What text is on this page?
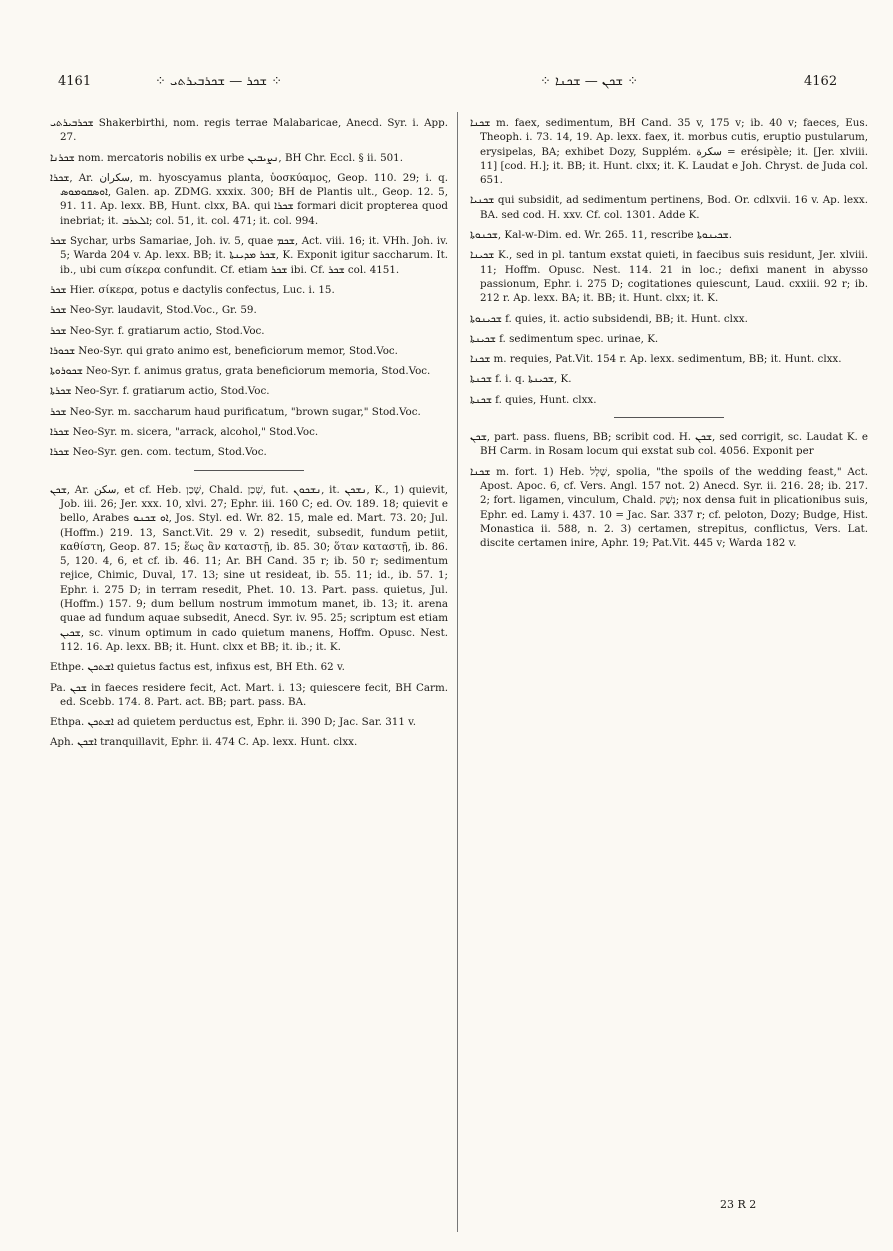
4161	⁘ ܫܟܪ — ܫܟܪܒܝܪܬܝ ⁘	⁘ ܫܟܢ — ܫܟܢܐ ⁘	4162

ܫܟܪܒܝܪܬܝ Shakerbirthi, nom. regis terrae Malabaricae, Anecd. Syr. i. App. 27.

ܫܟܪܢܐ nom. mercatoris nobilis ex urbe ܢܨܝܒܝܢ, BH Chr. Eccl. § ii. 501.

ܫܟܪܐ, Ar. سكران, m. hyoscyamus planta, ὑοσκύαμος, Geop. 110. 29; i. q. ܐܘܣܩܘܡܘܣ, Galen. ap. ZDMG. xxxix. 300; BH de Plantis ult., Geop. 12. 5, 91. 11. Ap. lexx. BB, Hunt. clxx, BA. qui ܫܟܪܐ formari dicit propterea quod inebriat; it. ܐܠܥܪܒ; col. 51, it. col. 471; it. col. 994.

ܫܟܪ Sychar, urbs Samariae, Joh. iv. 5, quae ܫܟܡ, Act. viii. 16; it. VHh. Joh. iv. 5; Warda 204 v. Ap. lexx. BB; it. ܫܟܪ ܡܕܝܢܬܐ, K. Exponit igitur saccharum. It. ib., ubi cum σίκερα confundit. Cf. etiam ܫܟܪ ibi. Cf. ܫܟܪ col. 4151.

ܫܟܪ Hier. σίκερα, potus e dactylis confectus, Luc. i. 15.

ܫܟܪ Neo-Syr. laudavit, Stod.Voc., Gr. 59.

ܫܟܪ Neo-Syr. f. gratiarum actio, Stod.Voc.

ܫܟܘܪܐ Neo-Syr. qui grato animo est, beneficiorum memor, Stod.Voc.

ܫܟܘܪܘܬܐ Neo-Syr. f. animus gratus, grata beneficiorum memoria, Stod.Voc.

ܫܟܪܬܐ Neo-Syr. f. gratiarum actio, Stod.Voc.

ܫܟܪ Neo-Syr. m. saccharum haud purificatum, "brown sugar," Stod.Voc.

ܫܟܪܐ Neo-Syr. m. sicera, "arrack, alcohol," Stod.Voc.

ܫܟܪܐ Neo-Syr. gen. com. tectum, Stod.Voc.

ܫܟܢ, Ar. سكن, et cf. Heb. שָׁכַן, Chald. שְׁכַן, fut. ܢܫܟܘܢ, it. ܢܫܟܢ, K., 1) quievit, Job. iii. 26; Jer. xxx. 10, xlvi. 27; Ephr. iii. 160 C; ed. Ov. 189. 18; quievit e bello, Arabes ܐܘ ܫܟܢܘ, Jos. Styl. ed. Wr. 82. 15, male ed. Mart. 73. 20; Jul. (Hoffm.) 219. 13, Sanct.Vit. 29 v. 2) resedit, subsedit, fundum petiit, καθίστη, Geop. 87. 15; ἕως ἂν καταστῇ, ib. 85. 30; ὅταν καταστῇ, ib. 86. 5, 120. 4, 6, et cf. ib. 46. 11; Ar. BH Cand. 35 r; ib. 50 r; sedimentum rejice, Chimic, Duval, 17. 13; sine ut resideat, ib. 55. 11; id., ib. 57. 1; Ephr. i. 275 D; in terram resedit, Phet. 10. 13. Part. pass. quietus, Jul. (Hoffm.) 157. 9; dum bellum nostrum immotum manet, ib. 13; it. arena quae ad fundum aquae subsedit, Anecd. Syr. iv. 95. 25; scriptum est etiam ܫܟܝܢ, sc. vinum optimum in cado quietum manens, Hoffm. Opusc. Nest. 112. 16. Ap. lexx. BB; it. Hunt. clxx et BB; it. ib.; it. K.

Ethpe. ܐܫܬܟܢ quietus factus est, infixus est, BH Eth. 62 v.

Pa. ܫܟܢ in faeces residere fecit, Act. Mart. i. 13; quiescere fecit, BH Carm. ed. Scebb. 174. 8. Part. act. BB; part. pass. BA.

Ethpa. ܐܫܬܟܢ ad quietem perductus est, Ephr. ii. 390 D; Jac. Sar. 311 v.

Aph. ܐܫܟܢ tranquillavit, Ephr. ii. 474 C. Ap. lexx. Hunt. clxx.

ܫܟܢܐ m. faex, sedimentum, BH Cand. 35 v, 175 v; ib. 40 v; faeces, Eus. Theoph. i. 73. 14, 19. Ap. lexx. faex, it. morbus cutis, eruptio pustularum, erysipelas, BA; exhibet Dozy, Supplém. سكرة = erésipèle; it. [Jer. xlviii. 11] [cod. H.]; it. BB; it. Hunt. clxx; it. K. Laudat e Joh. Chryst. de Juda col. 651.

ܫܟܢܝܐ qui subsidit, ad sedimentum pertinens, Bod. Or. cdlxvii. 16 v. Ap. lexx. BA. sed cod. H. xxv. Cf. col. 1301. Adde K.

ܫܟܢܘܬܐ, Kal-w-Dim. ed. Wr. 265. 11, rescribe ܫܟܝܢܘܬܐ.

ܫܟܝܢܐ K., sed in pl. tantum exstat quieti, in faecibus suis residunt, Jer. xlviii. 11; Hoffm. Opusc. Nest. 114. 21 in loc.; defixi manent in abysso passionum, Ephr. i. 275 D; cogitationes quiescunt, Laud. cxxiii. 92 r; ib. 212 r. Ap. lexx. BA; it. BB; it. Hunt. clxx; it. K.

ܫܟܝܢܘܬܐ f. quies, it. actio subsidendi, BB; it. Hunt. clxx.

ܫܟܝܢܬܐ f. sedimentum spec. urinae, K.

ܫܟܢܐ m. requies, Pat.Vit. 154 r. Ap. lexx. sedimentum, BB; it. Hunt. clxx.

ܫܟܢܬܐ f. i. q. ܫܟܝܢܬܐ, K.

ܫܟܢܬܐ f. quies, Hunt. clxx.

ܫܟܢ, part. pass. fluens, BB; scribit cod. H. ܫܟܢ, sed corrigit, sc. Laudat K. e BH Carm. in Rosam locum qui exstat sub col. 4056. Exponit per

ܫܟܢܐ m. fort. 1) Heb. שָׁלָל, spolia, "the spoils of the wedding feast," Act. Apost. Apoc. 6, cf. Vers. Angl. 157 not. 2) Anecd. Syr. ii. 216. 28; ib. 217. 2; fort. ligamen, vinculum, Chald. נְשָׁק; nox densa fuit in plicationibus suis, Ephr. ed. Lamy i. 437. 10 = Jac. Sar. 337 r; cf. peloton, Dozy; Budge, Hist. Monastica ii. 588, n. 2. 3) certamen, strepitus, conflictus, Vers. Lat. discite certamen inire, Aphr. 19; Pat.Vit. 445 v; Warda 182 v.

23 R 2
